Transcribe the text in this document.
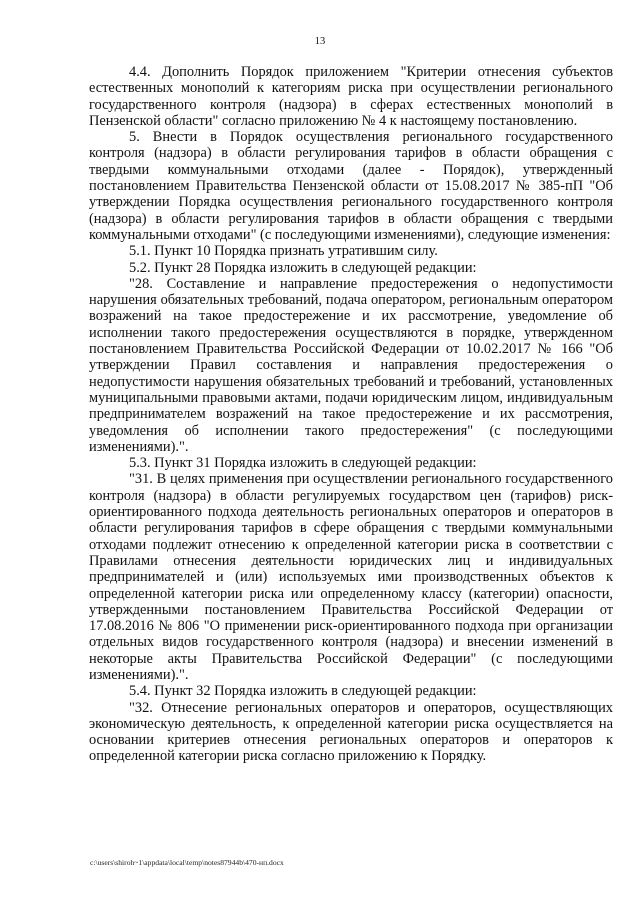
13

4.4. Дополнить Порядок приложением "Критерии отнесения субъектов естественных монополий к категориям риска при осуществлении регионального государственного контроля (надзора) в сферах естественных монополий в Пензенской области" согласно приложению № 4 к настоящему постановлению.

5. Внести в Порядок осуществления регионального государственного контроля (надзора) в области регулирования тарифов в области обращения с твердыми коммунальными отходами (далее - Порядок), утвержденный постановлением Правительства Пензенской области от 15.08.2017 № 385-пП "Об утверждении Порядка осуществления регионального государственного контроля (надзора) в области регулирования тарифов в области обращения с твердыми коммунальными отходами" (с последующими изменениями), следующие изменения:

5.1. Пункт 10 Порядка признать утратившим силу.

5.2. Пункт 28 Порядка изложить в следующей редакции:

"28. Составление и направление предостережения о недопустимости нарушения обязательных требований, подача оператором, региональным оператором возражений на такое предостережение и их рассмотрение, уведомление об исполнении такого предостережения осуществляются в порядке, утвержденном постановлением Правительства Российской Федерации от 10.02.2017 № 166 "Об утверждении Правил составления и направления предостережения о недопустимости нарушения обязательных требований и требований, установленных муниципальными правовыми актами, подачи юридическим лицом, индивидуальным предпринимателем возражений на такое предостережение и их рассмотрения, уведомления об исполнении такого предостережения" (с последующими изменениями).".

5.3. Пункт 31 Порядка изложить в следующей редакции:

"31. В целях применения при осуществлении регионального государственного контроля (надзора) в области регулируемых государством цен (тарифов) риск-ориентированного подхода деятельность региональных операторов и операторов в области регулирования тарифов в сфере обращения с твердыми коммунальными отходами подлежит отнесению к определенной категории риска в соответствии с Правилами отнесения деятельности юридических лиц и индивидуальных предпринимателей и (или) используемых ими производственных объектов к определенной категории риска или определенному классу (категории) опасности, утвержденными постановлением Правительства Российской Федерации от 17.08.2016 № 806 "О применении риск-ориентированного подхода при организации отдельных видов государственного контроля (надзора) и внесении изменений в некоторые акты Правительства Российской Федерации" (с последующими изменениями).".

5.4. Пункт 32 Порядка изложить в следующей редакции:

"32. Отнесение региональных операторов и операторов, осуществляющих экономическую деятельность, к определенной категории риска осуществляется на основании критериев отнесения региональных операторов и операторов к определенной категории риска согласно приложению к Порядку.

c:\users\shiroh~1\appdata\local\temp\notes87944b\470-нп.docx
